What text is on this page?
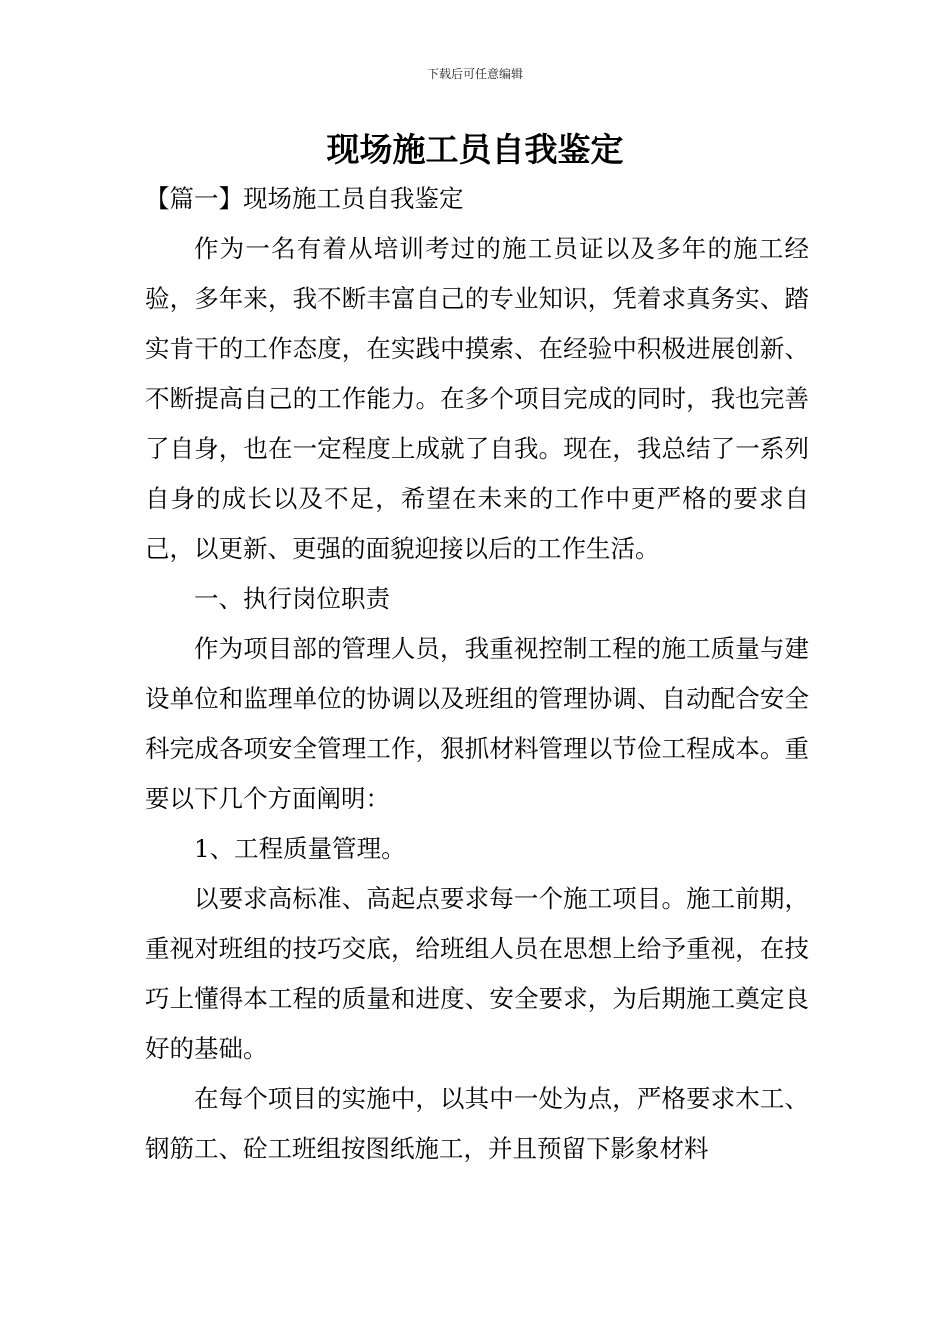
下载后可任意编辑
现场施工员自我鉴定

【篇一】现场施工员自我鉴定

作为一名有着从培训考过的施工员证以及多年的施工经验，多年来，我不断丰富自己的专业知识，凭着求真务实、踏实肯干的工作态度，在实践中摸索、在经验中积极进展创新、不断提高自己的工作能力。在多个项目完成的同时，我也完善了自身，也在一定程度上成就了自我。现在，我总结了一系列自身的成长以及不足，希望在未来的工作中更严格的要求自己，以更新、更强的面貌迎接以后的工作生活。

一、执行岗位职责

作为项目部的管理人员，我重视控制工程的施工质量与建设单位和监理单位的协调以及班组的管理协调、自动配合安全科完成各项安全管理工作，狠抓材料管理以节俭工程成本。重要以下几个方面阐明：

1、工程质量管理。

以要求高标准、高起点要求每一个施工项目。施工前期，重视对班组的技巧交底，给班组人员在思想上给予重视，在技巧上懂得本工程的质量和进度、安全要求，为后期施工奠定良好的基础。

在每个项目的实施中，以其中一处为点，严格要求木工、钢筋工、砼工班组按图纸施工，并且预留下影象材料
